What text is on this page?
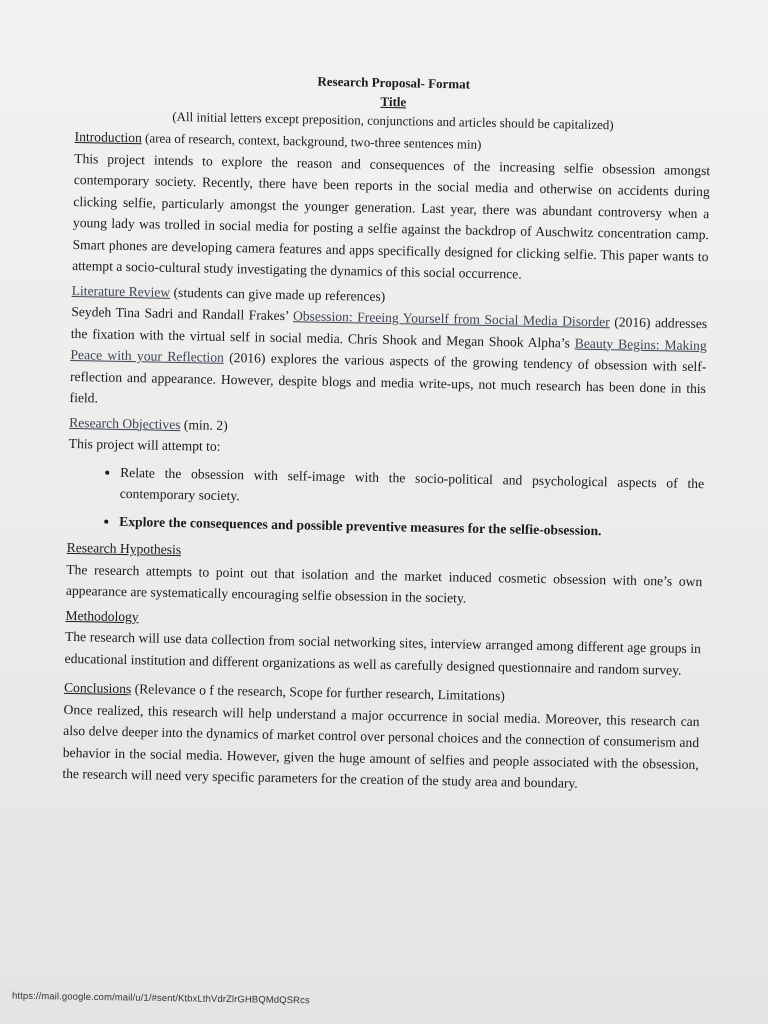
Research Proposal- Format
Title
(All initial letters except preposition, conjunctions and articles should be capitalized)
Introduction (area of research, context, background, two-three sentences min)

This project intends to explore the reason and consequences of the increasing selfie obsession amongst contemporary society. Recently, there have been reports in the social media and otherwise on accidents during clicking selfie, particularly amongst the younger generation. Last year, there was abundant controversy when a young lady was trolled in social media for posting a selfie against the backdrop of Auschwitz concentration camp. Smart phones are developing camera features and apps specifically designed for clicking selfie. This paper wants to attempt a socio-cultural study investigating the dynamics of this social occurrence.

Literature Review (students can give made up references)

Seydeh Tina Sadri and Randall Frakes’ Obsession: Freeing Yourself from Social Media Disorder (2016) addresses the fixation with the virtual self in social media. Chris Shook and Megan Shook Alpha’s Beauty Begins: Making Peace with your Reflection (2016) explores the various aspects of the growing tendency of obsession with self-reflection and appearance. However, despite blogs and media write-ups, not much research has been done in this field.

Research Objectives (min. 2)

This project will attempt to:

• Relate the obsession with self-image with the socio-political and psychological aspects of the contemporary society.
• Explore the consequences and possible preventive measures for the selfie-obsession.
Research Hypothesis

The research attempts to point out that isolation and the market induced cosmetic obsession with one’s own appearance are systematically encouraging selfie obsession in the society.

Methodology

The research will use data collection from social networking sites, interview arranged among different age groups in educational institution and different organizations as well as carefully designed questionnaire and random survey.

Conclusions (Relevance o f the research, Scope for further research, Limitations)

Once realized, this research will help understand a major occurrence in social media. Moreover, this research can also delve deeper into the dynamics of market control over personal choices and the connection of consumerism and behavior in the social media. However, given the huge amount of selfies and people associated with the obsession, the research will need very specific parameters for the creation of the study area and boundary.

https://mail.google.com/mail/u/1/#sent/KtbxLthVdrZlrGHBQMdQSRcs
